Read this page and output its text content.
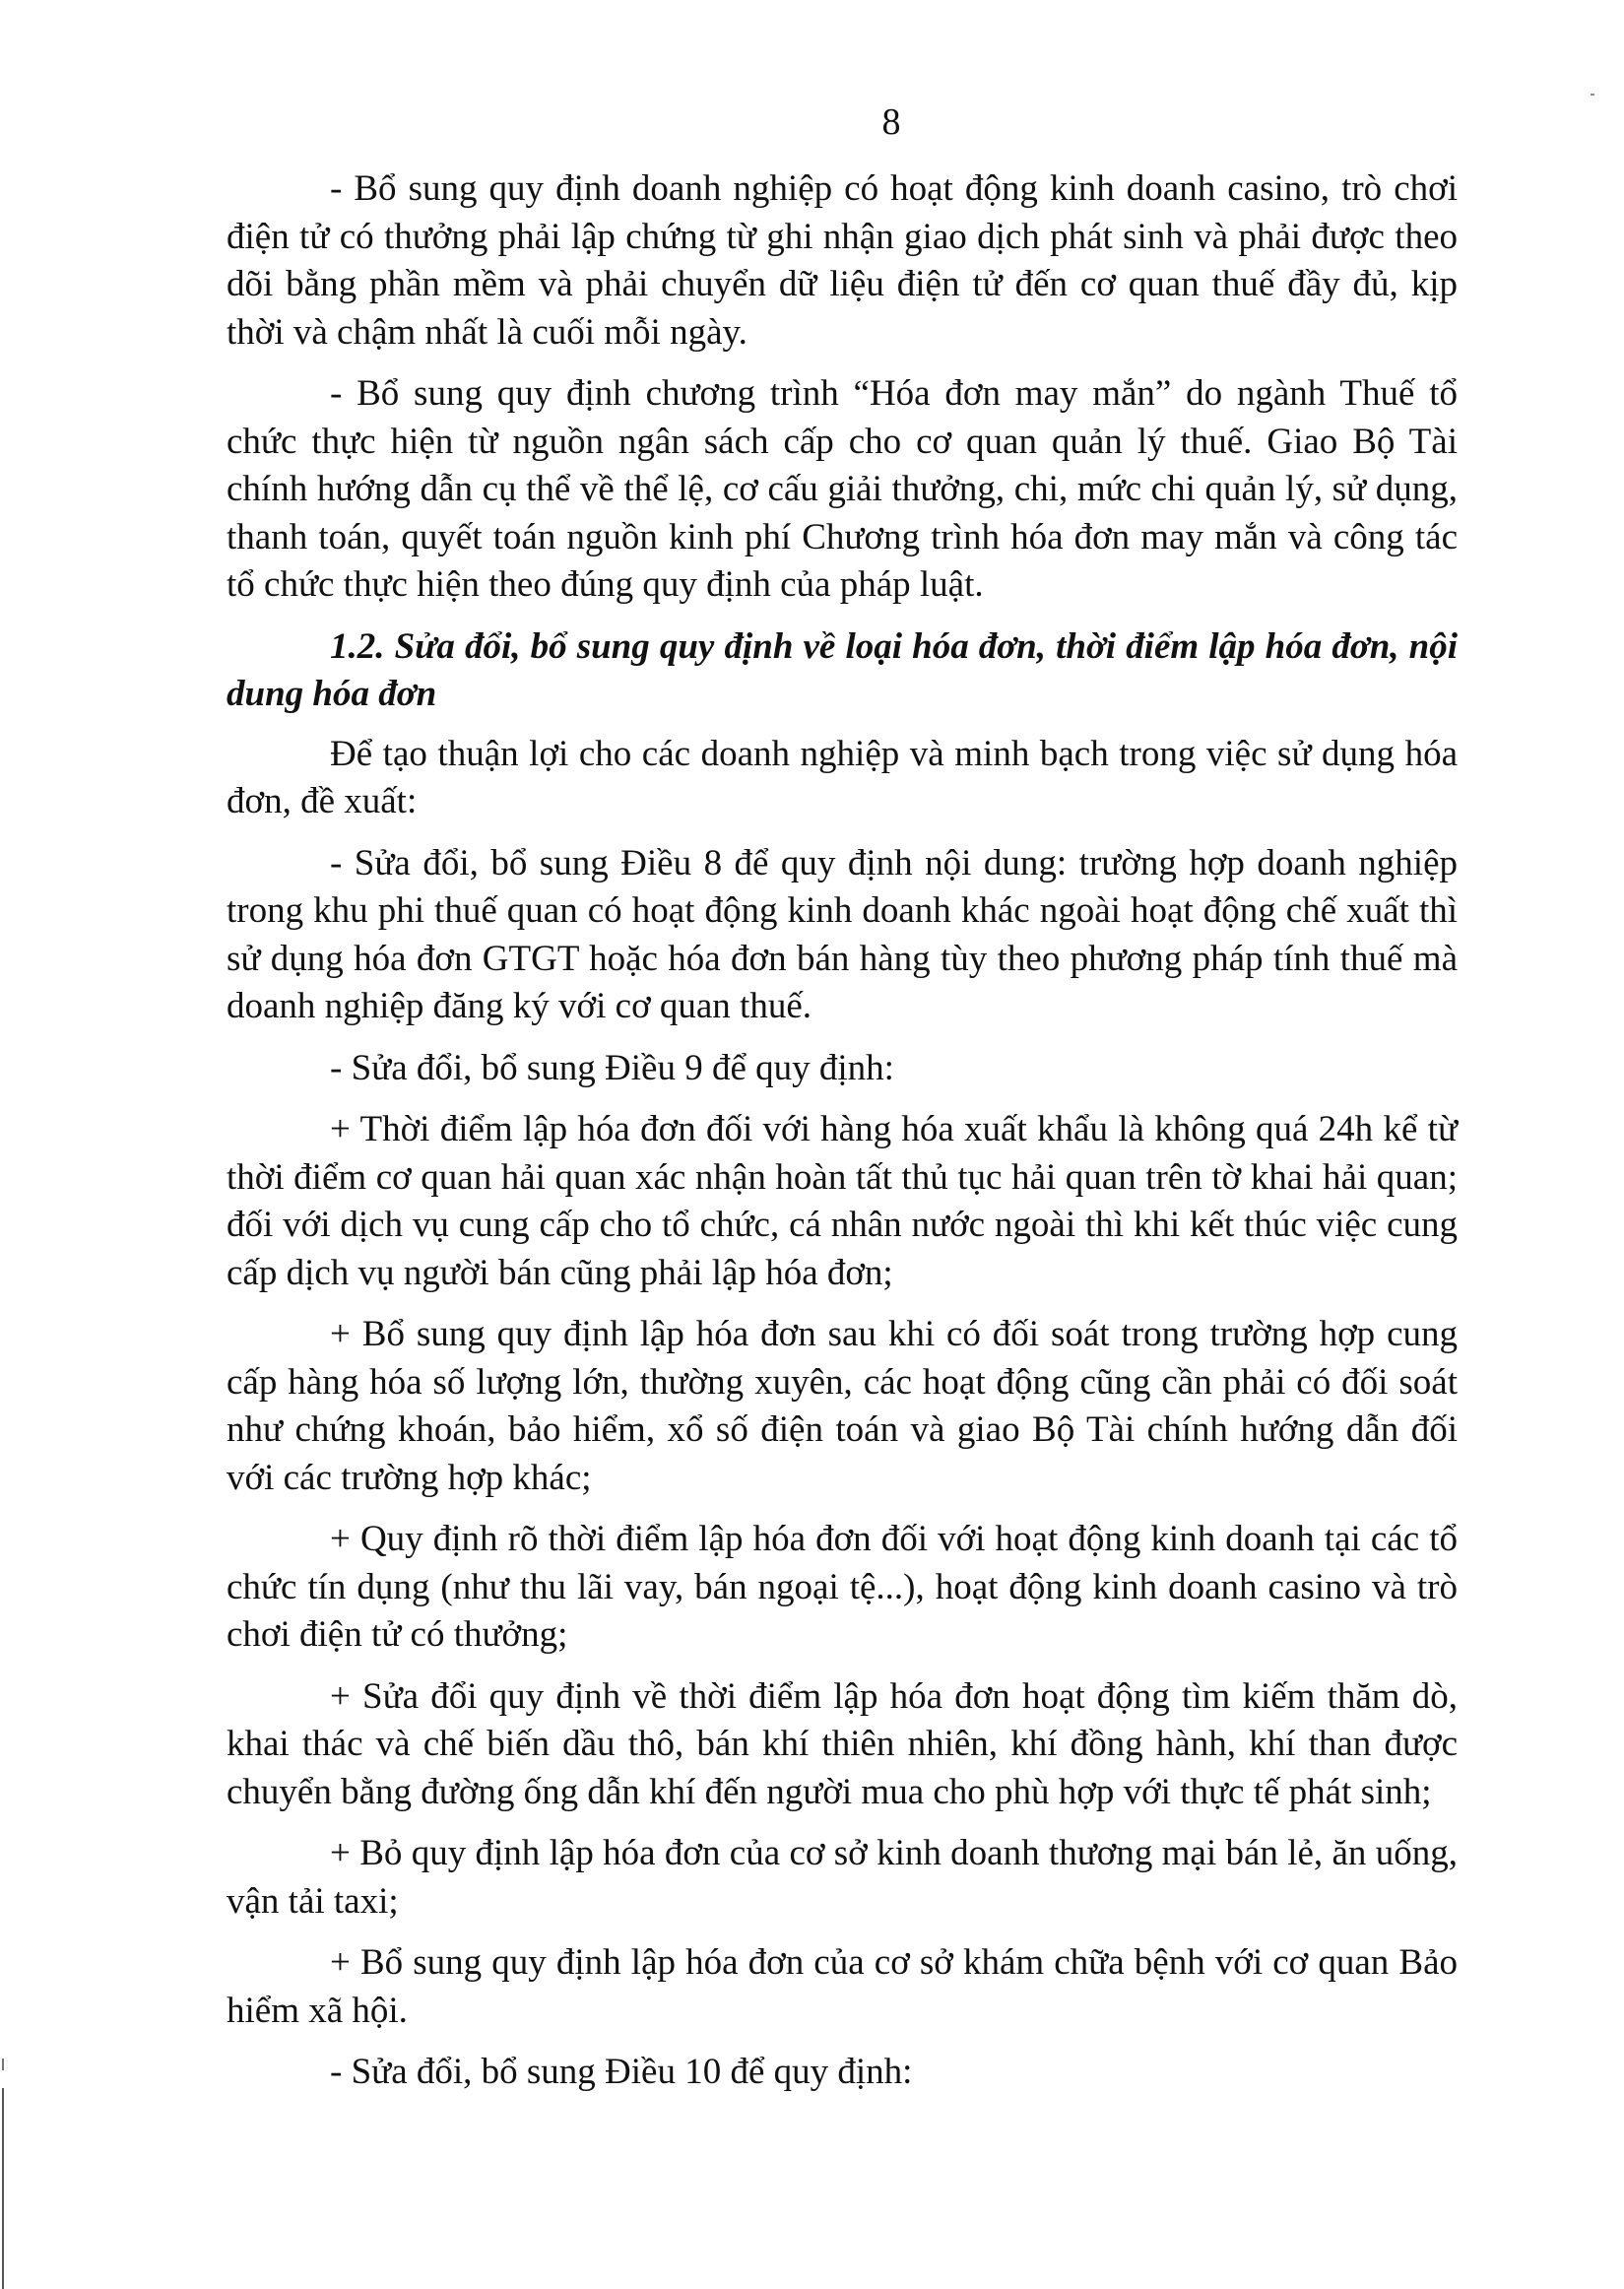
8

- Bổ sung quy định doanh nghiệp có hoạt động kinh doanh casino, trò chơi điện tử có thưởng phải lập chứng từ ghi nhận giao dịch phát sinh và phải được theo dõi bằng phần mềm và phải chuyển dữ liệu điện tử đến cơ quan thuế đầy đủ, kịp thời và chậm nhất là cuối mỗi ngày.

- Bổ sung quy định chương trình “Hóa đơn may mắn” do ngành Thuế tổ chức thực hiện từ nguồn ngân sách cấp cho cơ quan quản lý thuế. Giao Bộ Tài chính hướng dẫn cụ thể về thể lệ, cơ cấu giải thưởng, chi, mức chi quản lý, sử dụng, thanh toán, quyết toán nguồn kinh phí Chương trình hóa đơn may mắn và công tác tổ chức thực hiện theo đúng quy định của pháp luật.

1.2. Sửa đổi, bổ sung quy định về loại hóa đơn, thời điểm lập hóa đơn, nội dung hóa đơn

Để tạo thuận lợi cho các doanh nghiệp và minh bạch trong việc sử dụng hóa đơn, đề xuất:

- Sửa đổi, bổ sung Điều 8 để quy định nội dung: trường hợp doanh nghiệp trong khu phi thuế quan có hoạt động kinh doanh khác ngoài hoạt động chế xuất thì sử dụng hóa đơn GTGT hoặc hóa đơn bán hàng tùy theo phương pháp tính thuế mà doanh nghiệp đăng ký với cơ quan thuế.

- Sửa đổi, bổ sung Điều 9 để quy định:

+ Thời điểm lập hóa đơn đối với hàng hóa xuất khẩu là không quá 24h kể từ thời điểm cơ quan hải quan xác nhận hoàn tất thủ tục hải quan trên tờ khai hải quan; đối với dịch vụ cung cấp cho tổ chức, cá nhân nước ngoài thì khi kết thúc việc cung cấp dịch vụ người bán cũng phải lập hóa đơn;

+ Bổ sung quy định lập hóa đơn sau khi có đối soát trong trường hợp cung cấp hàng hóa số lượng lớn, thường xuyên, các hoạt động cũng cần phải có đối soát như chứng khoán, bảo hiểm, xổ số điện toán và giao Bộ Tài chính hướng dẫn đối với các trường hợp khác;

+ Quy định rõ thời điểm lập hóa đơn đối với hoạt động kinh doanh tại các tổ chức tín dụng (như thu lãi vay, bán ngoại tệ...), hoạt động kinh doanh casino và trò chơi điện tử có thưởng;

+ Sửa đổi quy định về thời điểm lập hóa đơn hoạt động tìm kiếm thăm dò, khai thác và chế biến dầu thô, bán khí thiên nhiên, khí đồng hành, khí than được chuyển bằng đường ống dẫn khí đến người mua cho phù hợp với thực tế phát sinh;

+ Bỏ quy định lập hóa đơn của cơ sở kinh doanh thương mại bán lẻ, ăn uống, vận tải taxi;

+ Bổ sung quy định lập hóa đơn của cơ sở khám chữa bệnh với cơ quan Bảo hiểm xã hội.

- Sửa đổi, bổ sung Điều 10 để quy định:
